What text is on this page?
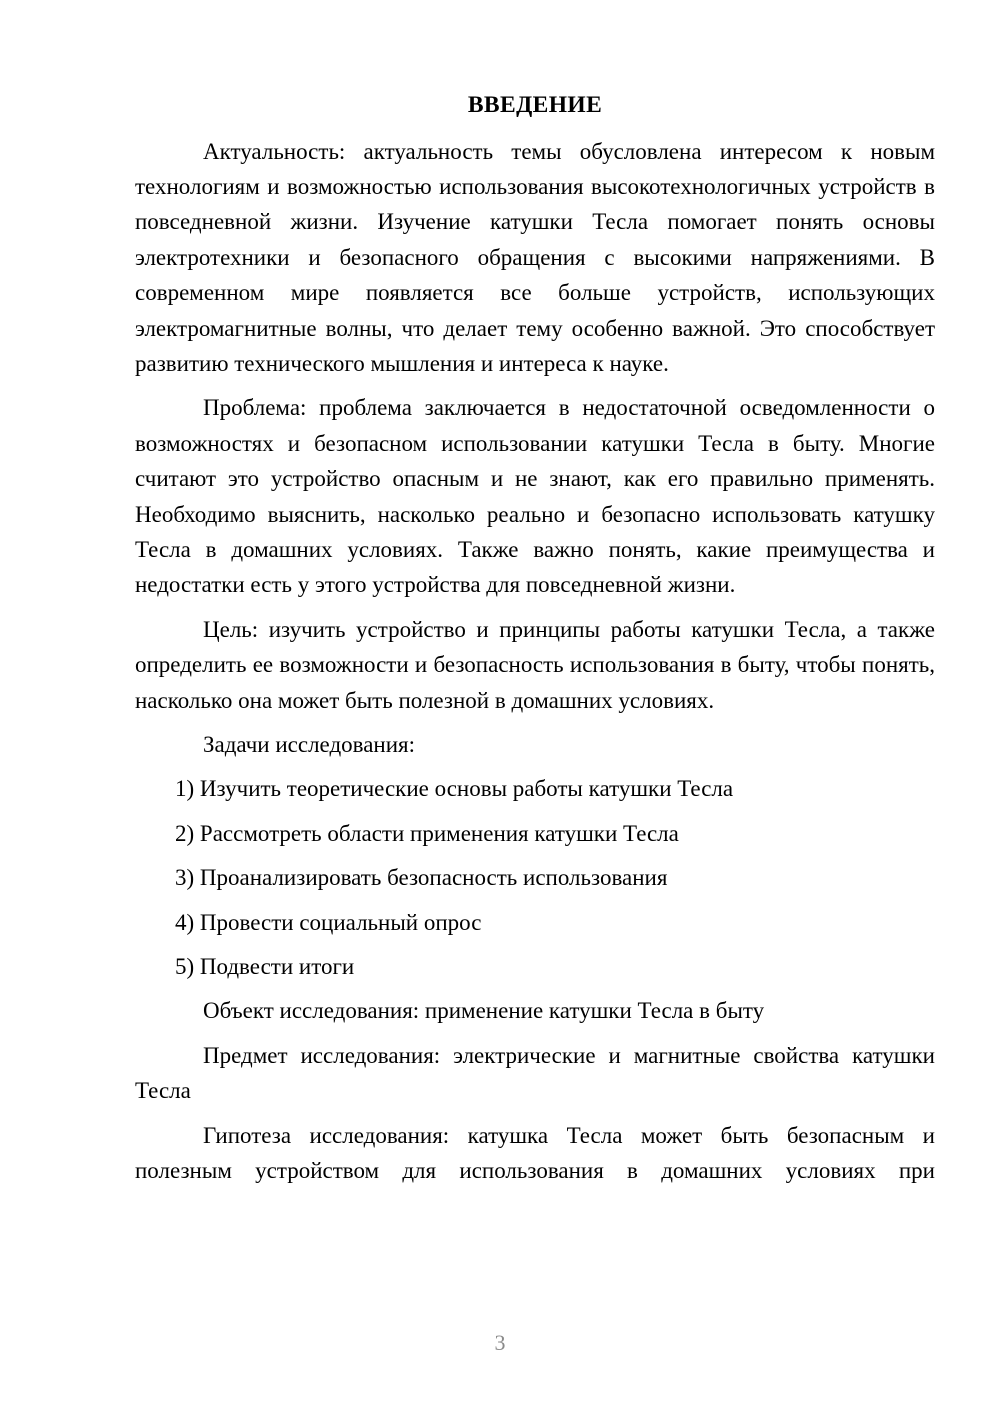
ВВЕДЕНИЕ

Актуальность: актуальность темы обусловлена интересом к новым технологиям и возможностью использования высокотехнологичных устройств в повседневной жизни. Изучение катушки Тесла помогает понять основы электротехники и безопасного обращения с высокими напряжениями. В современном мире появляется все больше устройств, использующих электромагнитные волны, что делает тему особенно важной. Это способствует развитию технического мышления и интереса к науке.

Проблема: проблема заключается в недостаточной осведомленности о возможностях и безопасном использовании катушки Тесла в быту. Многие считают это устройство опасным и не знают, как его правильно применять. Необходимо выяснить, насколько реально и безопасно использовать катушку Тесла в домашних условиях. Также важно понять, какие преимущества и недостатки есть у этого устройства для повседневной жизни.

Цель: изучить устройство и принципы работы катушки Тесла, а также определить ее возможности и безопасность использования в быту, чтобы понять, насколько она может быть полезной в домашних условиях.

Задачи исследования:

1) Изучить теоретические основы работы катушки Тесла
2) Рассмотреть области применения катушки Тесла
3) Проанализировать безопасность использования
4) Провести социальный опрос
5) Подвести итоги

Объект исследования: применение катушки Тесла в быту

Предмет исследования: электрические и магнитные свойства катушки Тесла

Гипотеза исследования: катушка Тесла может быть безопасным и полезным устройством для использования в домашних условиях при

3
